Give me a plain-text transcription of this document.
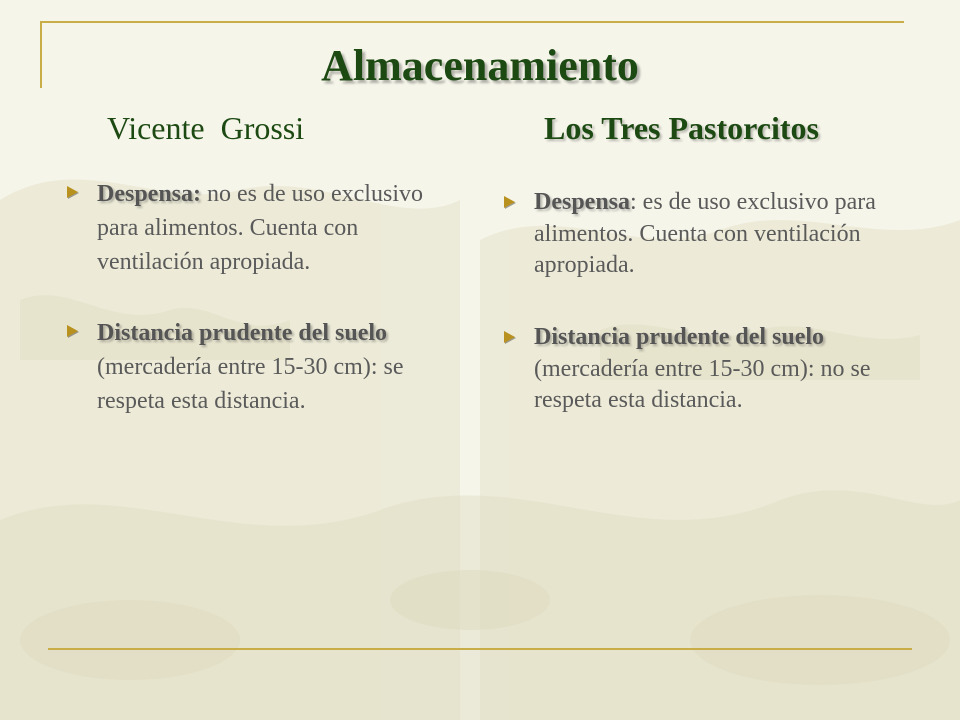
Almacenamiento
Vicente  Grossi	Los Tres Pastorcitos
Despensa: no es de uso exclusivo para alimentos. Cuenta con ventilación apropiada.
Distancia prudente del suelo (mercadería entre 15-30 cm): se respeta esta distancia.
Despensa: es de uso exclusivo para alimentos. Cuenta con ventilación apropiada.
Distancia prudente del suelo (mercadería entre 15-30 cm): no se respeta esta distancia.
